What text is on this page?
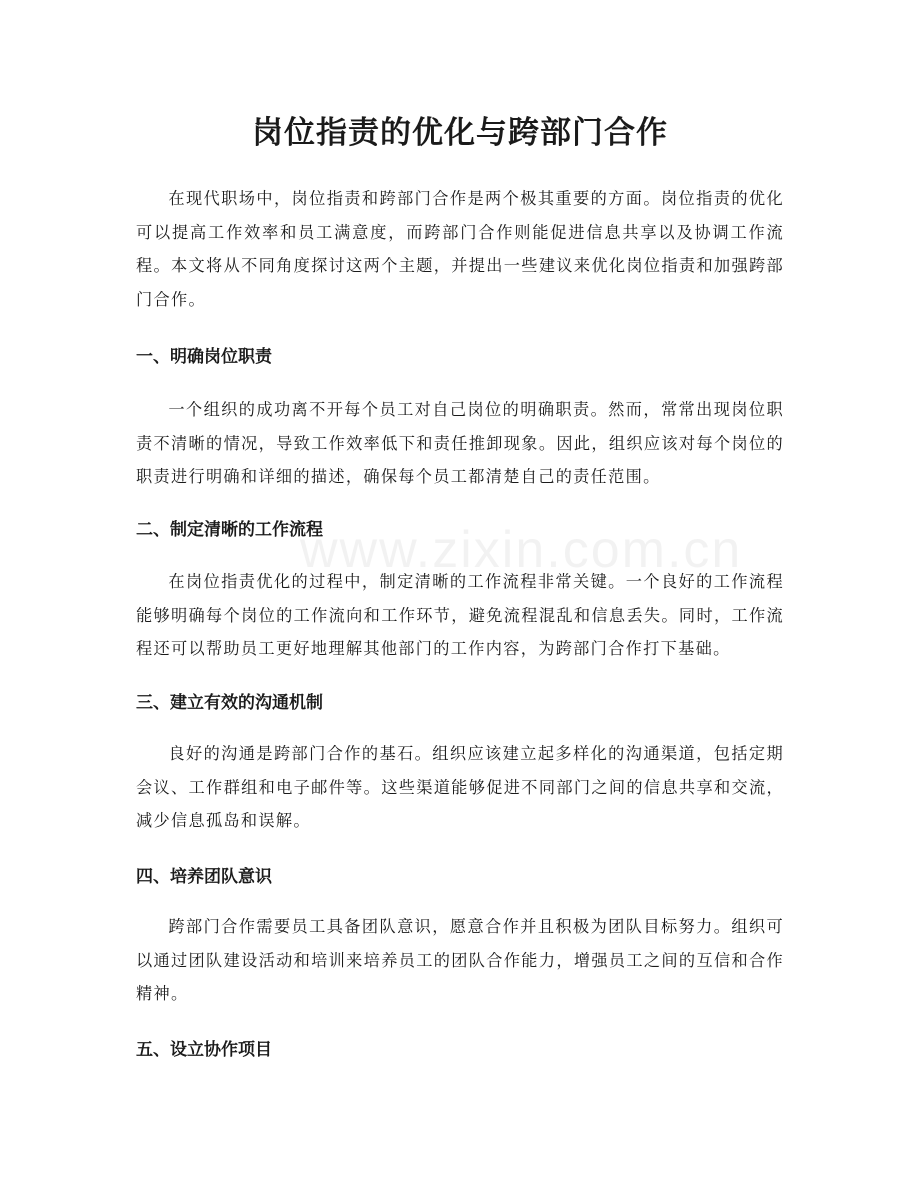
www.zixin.com.cn
岗位指责的优化与跨部门合作

在现代职场中，岗位指责和跨部门合作是两个极其重要的方面。岗位指责的优化可以提高工作效率和员工满意度，而跨部门合作则能促进信息共享以及协调工作流程。本文将从不同角度探讨这两个主题，并提出一些建议来优化岗位指责和加强跨部门合作。

一、明确岗位职责

一个组织的成功离不开每个员工对自己岗位的明确职责。然而，常常出现岗位职责不清晰的情况，导致工作效率低下和责任推卸现象。因此，组织应该对每个岗位的职责进行明确和详细的描述，确保每个员工都清楚自己的责任范围。

二、制定清晰的工作流程

在岗位指责优化的过程中，制定清晰的工作流程非常关键。一个良好的工作流程能够明确每个岗位的工作流向和工作环节，避免流程混乱和信息丢失。同时，工作流程还可以帮助员工更好地理解其他部门的工作内容，为跨部门合作打下基础。

三、建立有效的沟通机制

良好的沟通是跨部门合作的基石。组织应该建立起多样化的沟通渠道，包括定期会议、工作群组和电子邮件等。这些渠道能够促进不同部门之间的信息共享和交流，减少信息孤岛和误解。

四、培养团队意识

跨部门合作需要员工具备团队意识，愿意合作并且积极为团队目标努力。组织可以通过团队建设活动和培训来培养员工的团队合作能力，增强员工之间的互信和合作精神。

五、设立协作项目
